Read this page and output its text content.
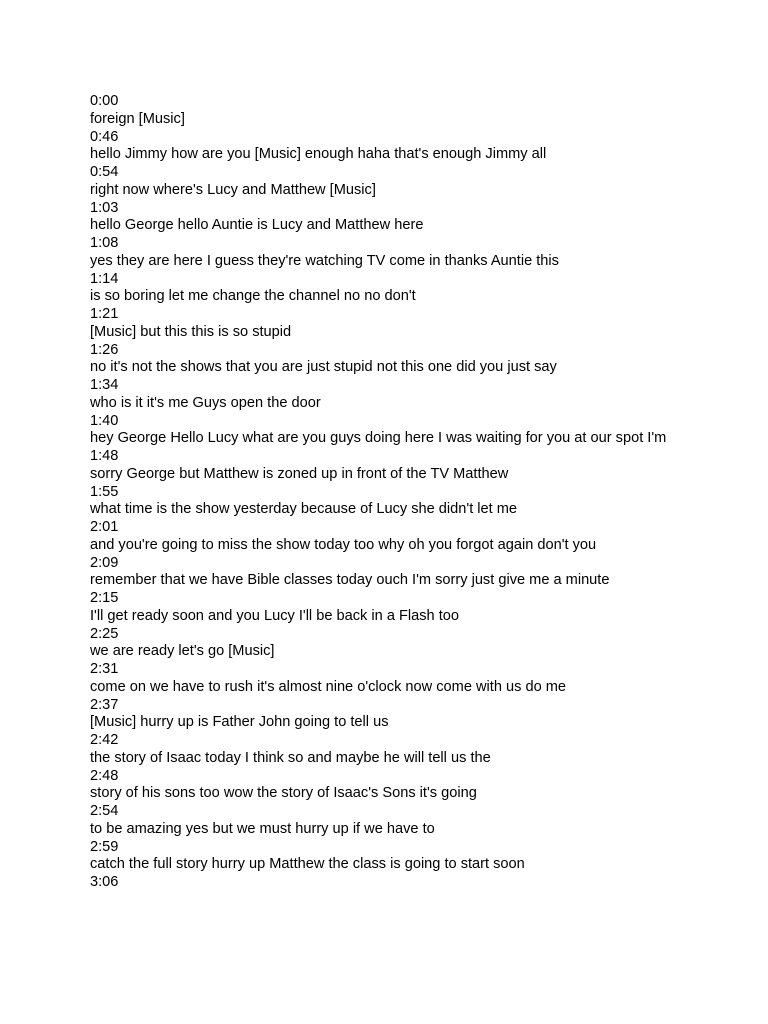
0:00
foreign [Music]
0:46
hello Jimmy how are you [Music] enough haha that's enough Jimmy all
0:54
right now where's Lucy and Matthew [Music]
1:03
hello George hello Auntie is Lucy and Matthew here
1:08
yes they are here I guess they're watching TV come in thanks Auntie this
1:14
is so boring let me change the channel no no don't
1:21
[Music] but this this is so stupid
1:26
no it's not the shows that you are just stupid not this one did you just say
1:34
who is it it's me Guys open the door
1:40
hey George Hello Lucy what are you guys doing here I was waiting for you at our spot I'm
1:48
sorry George but Matthew is zoned up in front of the TV Matthew
1:55
what time is the show yesterday because of Lucy she didn't let me
2:01
and you're going to miss the show today too why oh you forgot again don't you
2:09
remember that we have Bible classes today ouch I'm sorry just give me a minute
2:15
I'll get ready soon and you Lucy I'll be back in a Flash too
2:25
we are ready let's go [Music]
2:31
come on we have to rush it's almost nine o'clock now come with us do me
2:37
[Music] hurry up is Father John going to tell us
2:42
the story of Isaac today I think so and maybe he will tell us the
2:48
story of his sons too wow the story of Isaac's Sons it's going
2:54
to be amazing yes but we must hurry up if we have to
2:59
catch the full story hurry up Matthew the class is going to start soon
3:06
